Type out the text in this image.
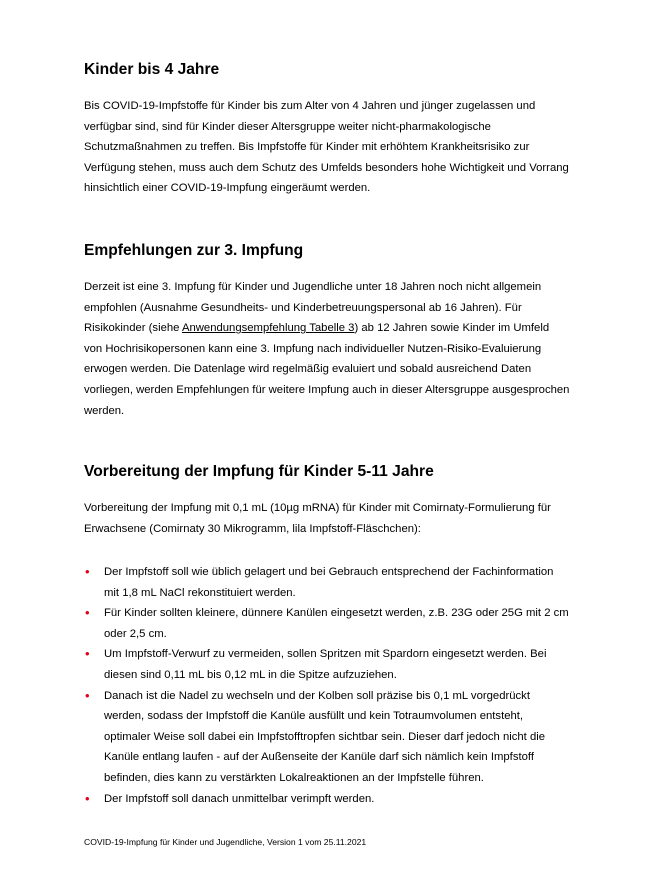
Kinder bis 4 Jahre

Bis COVID-19-Impfstoffe für Kinder bis zum Alter von 4 Jahren und jünger zugelassen und verfügbar sind, sind für Kinder dieser Altersgruppe weiter nicht-pharmakologische Schutzmaßnahmen zu treffen. Bis Impfstoffe für Kinder mit erhöhtem Krankheitsrisiko zur Verfügung stehen, muss auch dem Schutz des Umfelds besonders hohe Wichtigkeit und Vorrang hinsichtlich einer COVID-19-Impfung eingeräumt werden.

Empfehlungen zur 3. Impfung

Derzeit ist eine 3. Impfung für Kinder und Jugendliche unter 18 Jahren noch nicht allgemein empfohlen (Ausnahme Gesundheits- und Kinderbetreuungspersonal ab 16 Jahren). Für Risikokinder (siehe Anwendungsempfehlung Tabelle 3) ab 12 Jahren sowie Kinder im Umfeld von Hochrisikopersonen kann eine 3. Impfung nach individueller Nutzen-Risiko-Evaluierung erwogen werden. Die Datenlage wird regelmäßig evaluiert und sobald ausreichend Daten vorliegen, werden Empfehlungen für weitere Impfung auch in dieser Altersgruppe ausgesprochen werden.

Vorbereitung der Impfung für Kinder 5-11 Jahre

Vorbereitung der Impfung mit 0,1 mL (10µg mRNA) für Kinder mit Comirnaty-Formulierung für Erwachsene (Comirnaty 30 Mikrogramm, lila Impfstoff-Fläschchen):

• Der Impfstoff soll wie üblich gelagert und bei Gebrauch entsprechend der Fachinformation mit 1,8 mL NaCl rekonstituiert werden.
• Für Kinder sollten kleinere, dünnere Kanülen eingesetzt werden, z.B. 23G oder 25G mit 2 cm oder 2,5 cm.
• Um Impfstoff-Verwurf zu vermeiden, sollen Spritzen mit Spardorn eingesetzt werden. Bei diesen sind 0,11 mL bis 0,12 mL in die Spitze aufzuziehen.
• Danach ist die Nadel zu wechseln und der Kolben soll präzise bis 0,1 mL vorgedrückt werden, sodass der Impfstoff die Kanüle ausfüllt und kein Totraumvolumen entsteht, optimaler Weise soll dabei ein Impfstofftropfen sichtbar sein. Dieser darf jedoch nicht die Kanüle entlang laufen - auf der Außenseite der Kanüle darf sich nämlich kein Impfstoff befinden, dies kann zu verstärkten Lokalreaktionen an der Impfstelle führen.
• Der Impfstoff soll danach unmittelbar verimpft werden.
COVID-19-Impfung für Kinder und Jugendliche, Version 1 vom 25.11.2021
